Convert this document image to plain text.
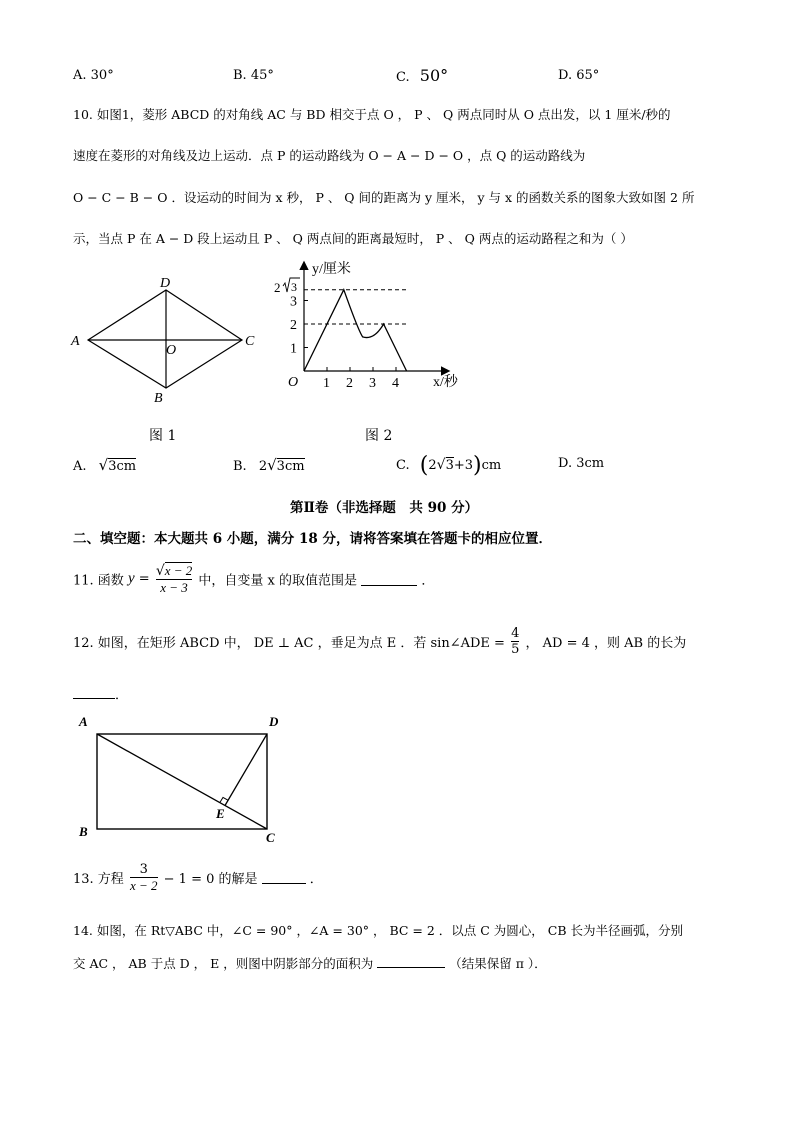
A. 30°	B. 45°	C. 50°	D. 65°
10. 如图1，菱形 ABCD 的对角线 AC 与 BD 相交于点 O ， P 、 Q 两点同时从 O 点出发，以 1 厘米/秒的
速度在菱形的对角线及边上运动．点 P 的运动路线为 O − A − D − O ，点 Q 的运动路线为
O − C − B − O ．设运动的时间为 x 秒， P 、 Q 间的距离为 y 厘米， y 与 x 的函数关系的图象大致如图 2 所
示，当点 P 在 A − D 段上运动且 P 、 Q 两点间的距离最短时， P 、 Q 两点的运动路程之和为（ ）
A
D
C
B
O
图 1
1
2
3
1 2 3 4
y/厘米
x/秒
O
2 3
图 2
A. √3cm	B. 2√3cm	C. (2√3+3)cm	D. 3cm
第Ⅱ卷（非选择题　共 90 分）
二、填空题：本大题共 6 小题，满分 18 分，请将答案填在答题卡的相应位置．
11. 函数 $y = \frac{√x - 2}{x - 3}$ 中，自变量 x 的取值范围是	．
12. 如图，在矩形 ABCD 中， DE ⊥ AC ，垂足为点 E ．若 sin∠ADE = $\frac{4}{5}$ ， AD = 4 ，则 AB 的长为
．
A	D
B	C
E
13. 方程 $\frac{3}{x - 2} - 1 = 0$ 的解是	．
14. 如图，在 Rt▽ABC 中，∠C = 90° ，∠A = 30° ， BC = 2 ．以点 C 为圆心， CB 长为半径画弧，分别
交 AC ， AB 于点 D ， E ，则图中阴影部分的面积为	（结果保留 π ）．
